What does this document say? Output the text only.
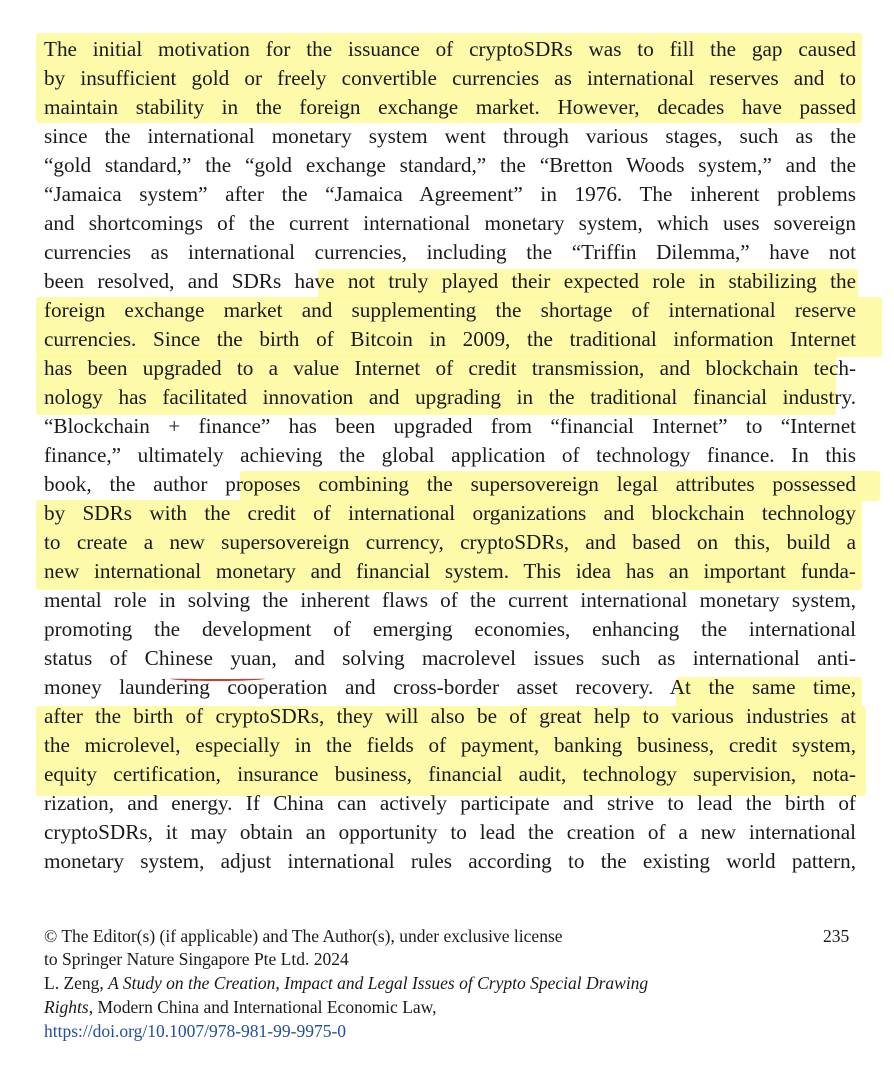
The initial motivation for the issuance of cryptoSDRs was to fill the gap caused
by insufficient gold or freely convertible currencies as international reserves and to
maintain stability in the foreign exchange market. However, decades have passed
since the international monetary system went through various stages, such as the
“gold standard,” the “gold exchange standard,” the “Bretton Woods system,” and the
“Jamaica system” after the “Jamaica Agreement” in 1976. The inherent problems
and shortcomings of the current international monetary system, which uses sovereign
currencies as international currencies, including the “Triffin Dilemma,” have not
been resolved, and SDRs have not truly played their expected role in stabilizing the
foreign exchange market and supplementing the shortage of international reserve
currencies. Since the birth of Bitcoin in 2009, the traditional information Internet
has been upgraded to a value Internet of credit transmission, and blockchain tech-
nology has facilitated innovation and upgrading in the traditional financial industry.
“Blockchain + finance” has been upgraded from “financial Internet” to “Internet
finance,” ultimately achieving the global application of technology finance. In this
book, the author proposes combining the supersovereign legal attributes possessed
by SDRs with the credit of international organizations and blockchain technology
to create a new supersovereign currency, cryptoSDRs, and based on this, build a
new international monetary and financial system. This idea has an important funda-
mental role in solving the inherent flaws of the current international monetary system,
promoting the development of emerging economies, enhancing the international
status of Chinese yuan, and solving macrolevel issues such as international anti-
money laundering cooperation and cross-border asset recovery. At the same time,
after the birth of cryptoSDRs, they will also be of great help to various industries at
the microlevel, especially in the fields of payment, banking business, credit system,
equity certification, insurance business, financial audit, technology supervision, nota-
rization, and energy. If China can actively participate and strive to lead the birth of
cryptoSDRs, it may obtain an opportunity to lead the creation of a new international
monetary system, adjust international rules according to the existing world pattern,
© The Editor(s) (if applicable) and The Author(s), under exclusive license
to Springer Nature Singapore Pte Ltd. 2024
L. Zeng, A Study on the Creation, Impact and Legal Issues of Crypto Special Drawing
Rights, Modern China and International Economic Law,
https://doi.org/10.1007/978-981-99-9975-0
235
